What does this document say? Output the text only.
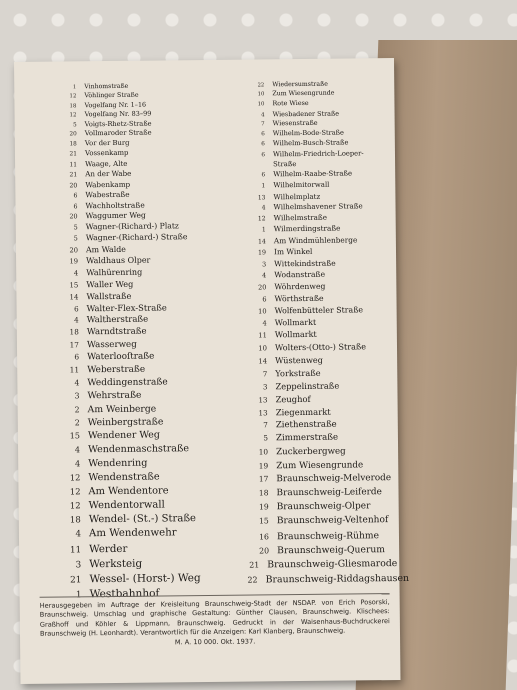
1 Vinhomstraße
12 Vöhlinger Straße
18 Vogelfang Nr. 1–16
12 Vogelfang Nr. 83–99
5 Voigts-Rhetz-Straße
20 Vollmaroder Straße
18 Vor der Burg
21 Vossenkamp
11 Waage, Alte
21 An der Wabe
20 Wabenkamp
6 Wabestraße
6 Wachholtstraße
20 Waggumer Weg
5 Wagner-(Richard-) Platz
5 Wagner-(Richard-) Straße
20 Am Walde
19 Waldhaus Olper
4 Walhürenring
15 Waller Weg
14 Wallstraße
6 Walter-Flex-Straße
4 Waltherstraße
18 Warndtstraße
17 Wasserweg
6 Waterlooſtraße
11 Weberstraße
4 Weddingenstraße
3 Wehrstraße
2 Am Weinberge
2 Weinbergstraße
15 Wendener Weg
4 Wendenmaschstraße
4 Wendenring
12 Wendenstraße
12 Am Wendentore
12 Wendentorwall
18 Wendel- (St.-) Straße
4 Am Wendenwehr
11 Werder
3 Werksteig
21 Wessel- (Horst-) Weg
1 Westbahnhof
22 Wiedersumstraße
10 Zum Wiesengrunde
10 Rote Wiese
4 Wiesbadener Straße
7 Wiesenstraße
6 Wilhelm-Bode-Straße
6 Wilhelm-Busch-Straße
6 Wilhelm-Friedrich-Loeper-
Straße
6 Wilhelm-Raabe-Straße
1 Wilhelmitorwall
13 Wilhelmplatz
4 Wilhelmshavener Straße
12 Wilhelmstraße
1 Wilmerdingstraße
14 Am Windmühlenberge
19 Im Winkel
3 Wittekindstraße
4 Wodanstraße
20 Wöhrdenweg
6 Wörthstraße
10 Wolfenbütteler Straße
4 Wollmarkt
11 Wollmarkt
10 Wolters-(Otto-) Straße
14 Wüstenweg
7 Yorkstraße
3 Zeppelinstraße
13 Zeughof
13 Ziegenmarkt
7 Ziethenstraße
5 Zimmerstraße
10 Zuckerbergweg
19 Zum Wiesengrunde
17 Braunschweig-Melverode
18 Braunschweig-Leiferde
19 Braunschweig-Olper
15 Braunschweig-Veltenhof
16 Braunschweig-Rühme
20 Braunschweig-Querum
21 Braunschweig-Gliesmarode
22 Braunschweig-Riddagshausen
Herausgegeben im Auftrage der Kreisleitung Braunschweig-Stadt der NSDAP. von Erich Posorski, Braunschweig. Umschlag und graphische Gestaltung: Günther Clausen, Braunschweig. Klischees: Graßhoff und Köhler & Lippmann, Braunschweig. Gedruckt in der Waisenhaus-Buchdruckerei Braunschweig (H. Leonhardt). Verantwortlich für die Anzeigen: Karl Klanberg, Braunschweig.
M. A. 10 000. Okt. 1937.
